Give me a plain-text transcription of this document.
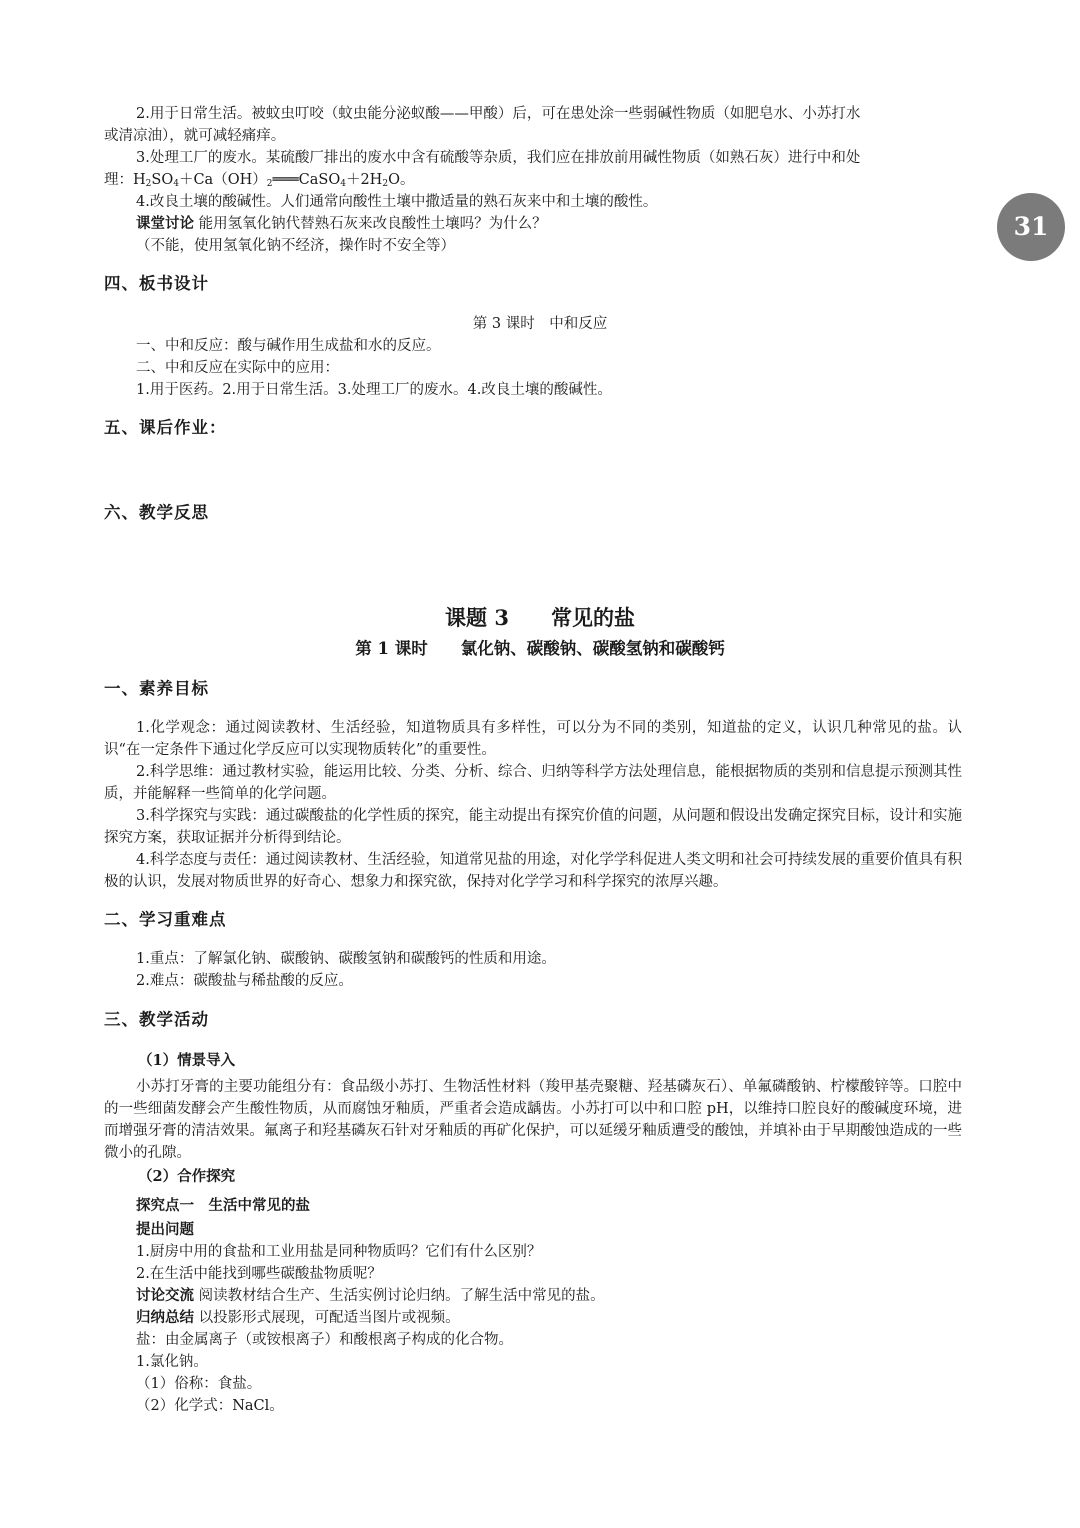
31
2.用于日常生活。被蚊虫叮咬（蚊虫能分泌蚁酸——甲酸）后，可在患处涂一些弱碱性物质（如肥皂水、小苏打水
或清凉油），就可减轻痛痒。
3.处理工厂的废水。某硫酸厂排出的废水中含有硫酸等杂质，我们应在排放前用碱性物质（如熟石灰）进行中和处
理：$H_2SO_4+Ca(OH)_2═══CaSO_4+2H_2O$。
4.改良土壤的酸碱性。人们通常向酸性土壤中撒适量的熟石灰来中和土壤的酸性。
课堂讨论 能用氢氧化钠代替熟石灰来改良酸性土壤吗？为什么？
（不能，使用氢氧化钠不经济，操作时不安全等）
四、板书设计
第 3 课时　中和反应
一、中和反应：酸与碱作用生成盐和水的反应。
二、中和反应在实际中的应用：
1.用于医药。2.用于日常生活。3.处理工厂的废水。4.改良土壤的酸碱性。
五、课后作业：
六、教学反思
课题 3　　常见的盐
第 1 课时　　氯化钠、碳酸钠、碳酸氢钠和碳酸钙
一、素养目标
1.化学观念：通过阅读教材、生活经验，知道物质具有多样性，可以分为不同的类别，知道盐的定义，认识几种常见的盐。认识“在一定条件下通过化学反应可以实现物质转化”的重要性。
2.科学思维：通过教材实验，能运用比较、分类、分析、综合、归纳等科学方法处理信息，能根据物质的类别和信息提示预测其性质，并能解释一些简单的化学问题。
3.科学探究与实践：通过碳酸盐的化学性质的探究，能主动提出有探究价值的问题，从问题和假设出发确定探究目标，设计和实施探究方案，获取证据并分析得到结论。
4.科学态度与责任：通过阅读教材、生活经验，知道常见盐的用途，对化学学科促进人类文明和社会可持续发展的重要价值具有积极的认识，发展对物质世界的好奇心、想象力和探究欲，保持对化学学习和科学探究的浓厚兴趣。
二、学习重难点
1.重点：了解氯化钠、碳酸钠、碳酸氢钠和碳酸钙的性质和用途。
2.难点：碳酸盐与稀盐酸的反应。
三、教学活动
（1）情景导入
小苏打牙膏的主要功能组分有：食品级小苏打、生物活性材料（羧甲基壳聚糖、羟基磷灰石）、单氟磷酸钠、柠檬酸锌等。口腔中的一些细菌发酵会产生酸性物质，从而腐蚀牙釉质，严重者会造成龋齿。小苏打可以中和口腔 pH，以维持口腔良好的酸碱度环境，进而增强牙膏的清洁效果。氟离子和羟基磷灰石针对牙釉质的再矿化保护，可以延缓牙釉质遭受的酸蚀，并填补由于早期酸蚀造成的一些微小的孔隙。
（2）合作探究
探究点一　生活中常见的盐
提出问题
1.厨房中用的食盐和工业用盐是同种物质吗？它们有什么区别？
2.在生活中能找到哪些碳酸盐物质呢？
讨论交流 阅读教材结合生产、生活实例讨论归纳。了解生活中常见的盐。
归纳总结 以投影形式展现，可配适当图片或视频。
盐：由金属离子（或铵根离子）和酸根离子构成的化合物。
1.氯化钠。
（1）俗称：食盐。
（2）化学式：NaCl。
